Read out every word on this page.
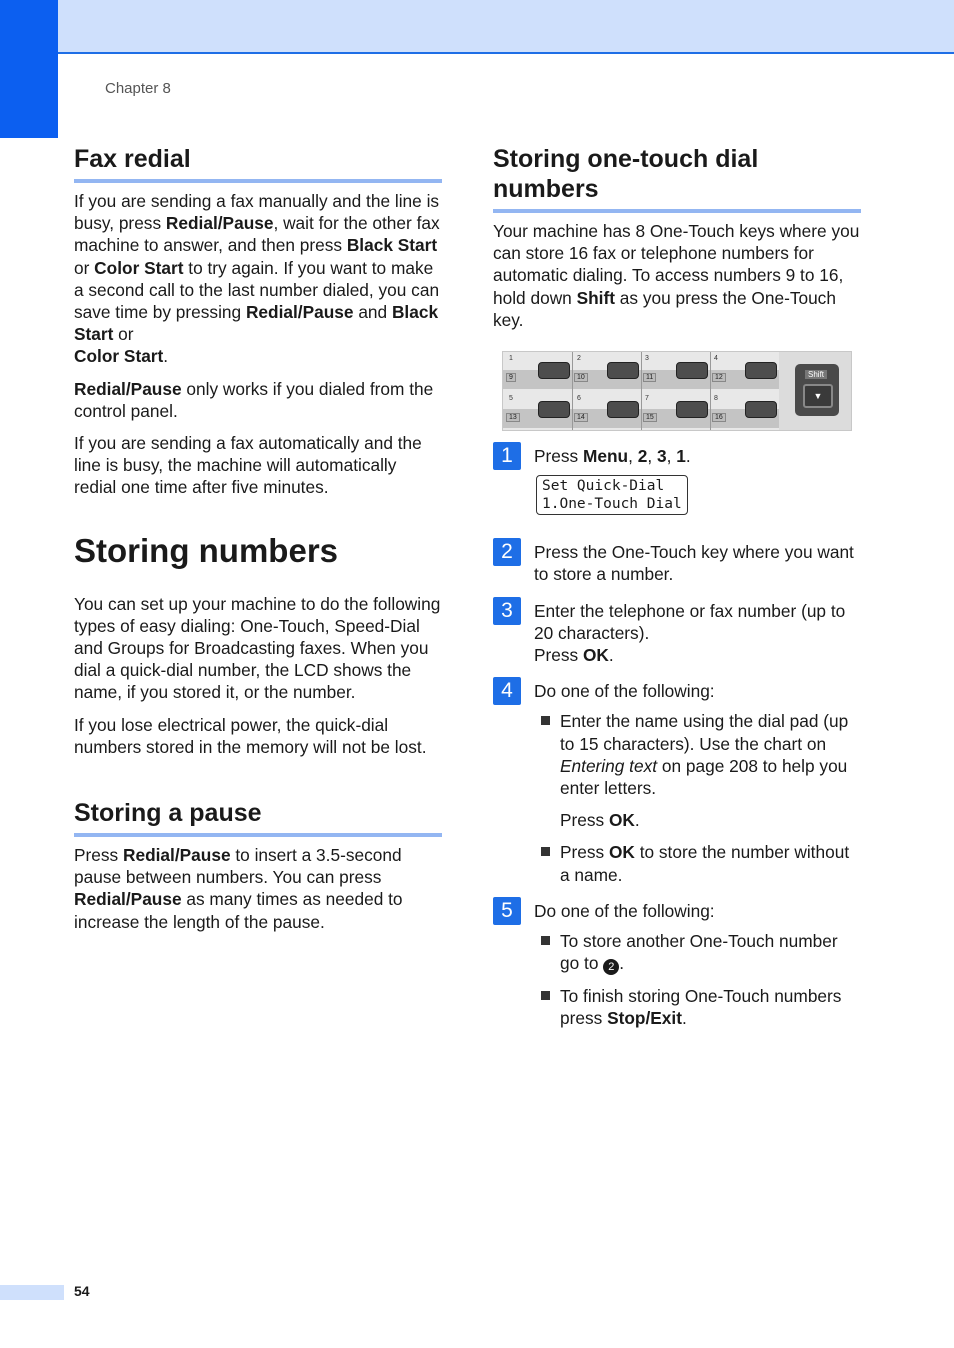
Chapter 8
Fax redial

If you are sending a fax manually and the line is busy, press Redial/Pause, wait for the other fax machine to answer, and then press Black Start or Color Start to try again. If you want to make a second call to the last number dialed, you can save time by pressing Redial/Pause and Black Start or
Color Start.

Redial/Pause only works if you dialed from the control panel.

If you are sending a fax automatically and the line is busy, the machine will automatically redial one time after five minutes.

Storing numbers

You can set up your machine to do the following types of easy dialing: One-Touch, Speed-Dial and Groups for Broadcasting faxes. When you dial a quick-dial number, the LCD shows the name, if you stored it, or the number.

If you lose electrical power, the quick-dial numbers stored in the memory will not be lost.

Storing a pause

Press Redial/Pause to insert a 3.5-second pause between numbers. You can press Redial/Pause as many times as needed to increase the length of the pause.

Storing one-touch dial numbers

Your machine has 8 One-Touch keys where you can store 16 fax or telephone numbers for automatic dialing. To access numbers 9 to 16, hold down Shift as you press the One-Touch key.

1
9
2
10
3
11
4
12
5
13
6
14
7
15
8
16
Shift
▼
1	Press Menu, 2, 3, 1.

Set Quick-Dial
1.One-Touch Dial
2	Press the One-Touch key where you want to store a number.

3	Enter the telephone or fax number (up to 20 characters).
Press OK.

4	Do one of the following:

Enter the name using the dial pad (up to 15 characters). Use the chart on Entering text on page 208 to help you enter letters.
Press OK.
Press OK to store the number without a name.
5	Do one of the following:

To store another One-Touch number go to 2 .
To finish storing One-Touch numbers press Stop/Exit.
54
